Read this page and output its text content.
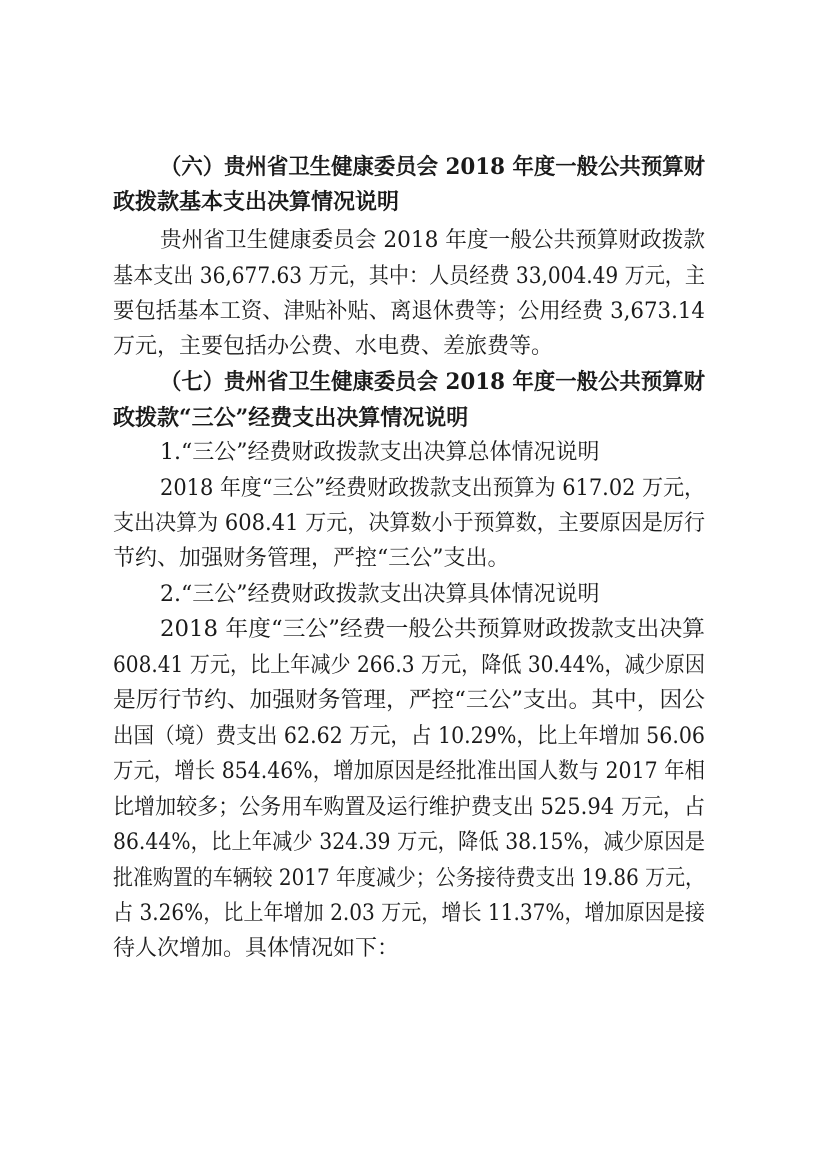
（六）贵州省卫生健康委员会 2018 年度一般公共预算财
政拨款基本支出决算情况说明
贵州省卫生健康委员会 2018 年度一般公共预算财政拨款
基本支出 36,677.63 万元，其中：人员经费 33,004.49 万元，主
要包括基本工资、津贴补贴、离退休费等；公用经费 3,673.14
万元，主要包括办公费、水电费、差旅费等。
（七）贵州省卫生健康委员会 2018 年度一般公共预算财
政拨款“三公”经费支出决算情况说明
1.“三公”经费财政拨款支出决算总体情况说明
2018 年度“三公”经费财政拨款支出预算为 617.02 万元，
支出决算为 608.41 万元，决算数小于预算数，主要原因是厉行
节约、加强财务管理，严控“三公”支出。
2.“三公”经费财政拨款支出决算具体情况说明
2018 年度“三公”经费一般公共预算财政拨款支出决算
608.41 万元，比上年减少 266.3 万元，降低 30.44%，减少原因
是厉行节约、加强财务管理，严控“三公”支出。其中，因公
出国（境）费支出 62.62 万元，占 10.29%，比上年增加 56.06
万元，增长 854.46%，增加原因是经批准出国人数与 2017 年相
比增加较多；公务用车购置及运行维护费支出 525.94 万元，占
86.44%，比上年减少 324.39 万元，降低 38.15%，减少原因是
批准购置的车辆较 2017 年度减少；公务接待费支出 19.86 万元，
占 3.26%，比上年增加 2.03 万元，增长 11.37%，增加原因是接
待人次增加。具体情况如下：
